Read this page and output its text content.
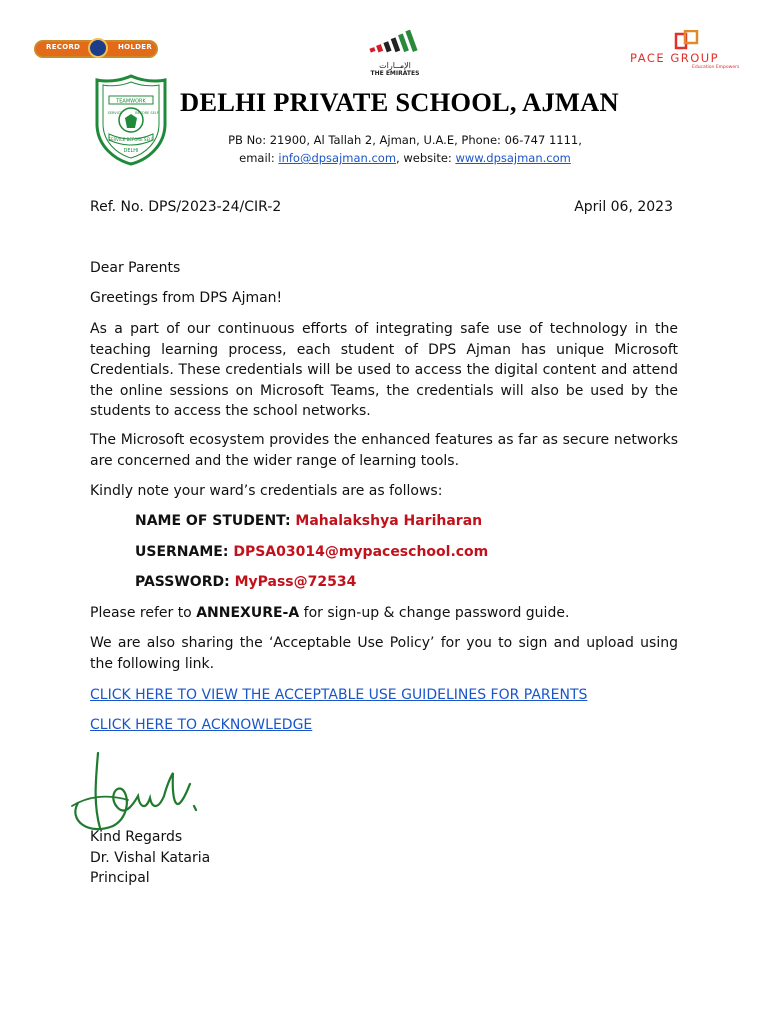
RECORD	HOLDER
الإمــارات
THE EMIRATES
PACE GROUP
Education Empowers
TEAMWORK
SERVICE BEFORE SELF
DELHI
SERVICE	BEFORE SELF DELHI PRIVATE SCHOOL, AJMAN
PB No: 21900, Al Tallah 2, Ajman, U.A.E, Phone: 06-747 1111,
email: info@dpsajman.com, website: www.dpsajman.com
Ref. No. DPS/2023-24/CIR-2	April 06, 2023
Dear Parents
Greetings from DPS Ajman!
As a part of our continuous efforts of integrating safe use of technology in the teaching learning process, each student of DPS Ajman has unique Microsoft Credentials. These credentials will be used to access the digital content and attend the online sessions on Microsoft Teams, the credentials will also be used by the students to access the school networks.
The Microsoft ecosystem provides the enhanced features as far as secure networks are concerned and the wider range of learning tools.
Kindly note your ward’s credentials are as follows:
NAME OF STUDENT: Mahalakshya Hariharan
USERNAME: DPSA03014@mypaceschool.com
PASSWORD: MyPass@72534
Please refer to ANNEXURE-A for sign-up & change password guide.
We are also sharing the ‘Acceptable Use Policy’ for you to sign and upload using the following link.
CLICK HERE TO VIEW THE ACCEPTABLE USE GUIDELINES FOR PARENTS
CLICK HERE TO ACKNOWLEDGE
Kind Regards
Dr. Vishal Kataria
Principal
